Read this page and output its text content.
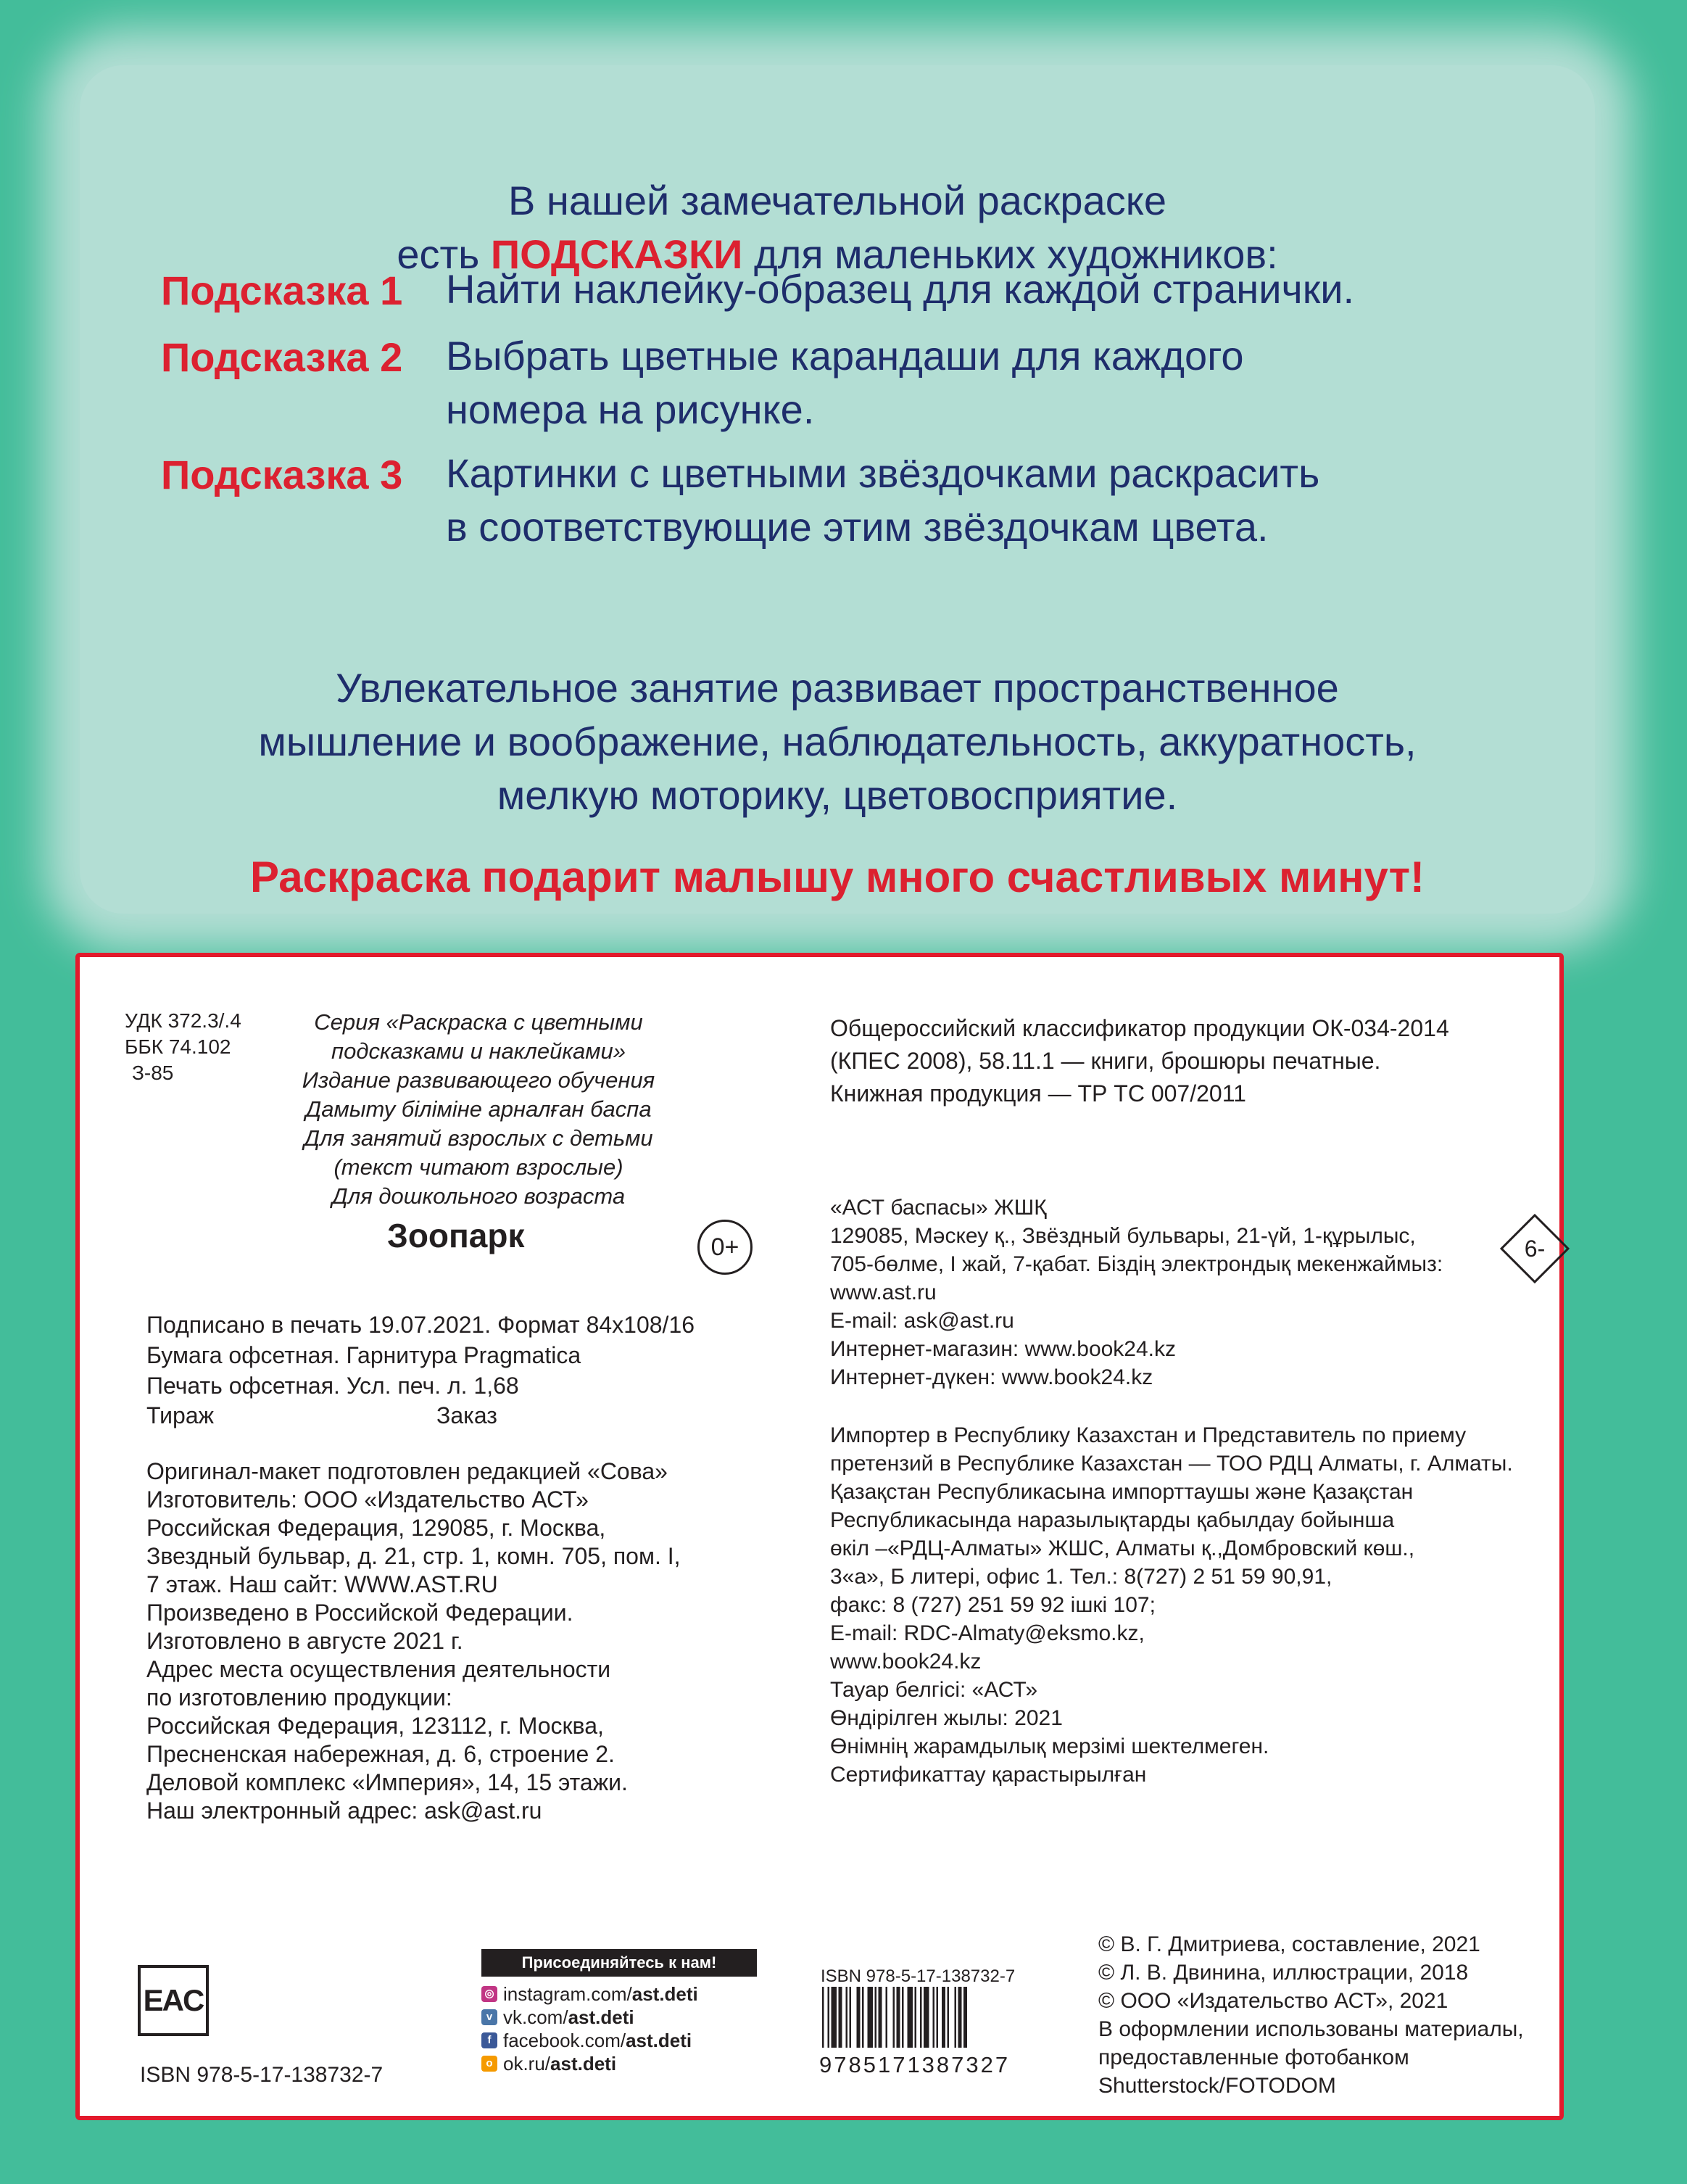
В нашей замечательной раскраске
есть ПОДСКАЗКИ для маленьких художников:
Подсказка 1 Найти наклейку-образец для каждой странички.
Подсказка 2 Выбрать цветные карандаши для каждого
номера на рисунке.
Подсказка 3 Картинки с цветными звёздочками раскрасить
в соответствующие этим звёздочкам цвета.
Увлекательное занятие развивает пространственное
мышление и воображение, наблюдательность, аккуратность,
мелкую моторику, цветовосприятие.
Раскраска подарит малышу много счастливых минут!
УДК 372.3/.4
ББК 74.102
З-85
Серия «Раскраска с цветными
подсказками и наклейками»
Издание развивающего обучения
Дамыту біліміне арналған баспа
Для занятий взрослых с детьми
(текст читают взрослые)
Для дошкольного возраста
Зоопарк	0+
Подписано в печать 19.07.2021. Формат 84х108/16
Бумага офсетная. Гарнитура Pragmatica
Печать офсетная. Усл. печ. л. 1,68
Тираж	Заказ
Оригинал-макет подготовлен редакцией «Сова»
Изготовитель: ООО «Издательство АСТ»
Российская Федерация, 129085, г. Москва,
Звездный бульвар, д. 21, стр. 1, комн. 705, пом. I,
7 этаж. Наш сайт: WWW.AST.RU
Произведено в Российской Федерации.
Изготовлено в августе 2021 г.
Адрес места осуществления деятельности
по изготовлению продукции:
Российская Федерация, 123112, г. Москва,
Пресненская набережная, д. 6, строение 2.
Деловой комплекс «Империя», 14, 15 этажи.
Наш электронный адрес: ask@ast.ru
Общероссийский классификатор продукции ОК-034-2014
(КПЕС 2008), 58.11.1 — книги, брошюры печатные.
Книжная продукция — ТР ТС 007/2011
«АСТ баспасы» ЖШҚ
129085, Мәскеу қ., Звёздный бульвары, 21-үй, 1-құрылыс,
705-бөлме, I жай, 7-қабат. Біздің электрондық мекенжаймыз:
www.ast.ru
E-mail: ask@ast.ru
Интернет-магазин: www.book24.kz
Интернет-дүкен: www.book24.kz
6-
Импортер в Республику Казахстан и Представитель по приему
претензий в Республике Казахстан — ТОО РДЦ Алматы, г. Алматы.
Қазақстан Республикасына импорттаушы және Қазақстан
Республикасында наразылықтарды қабылдау бойынша
өкіл –«РДЦ-Алматы» ЖШС, Алматы қ.,Домбровский көш.,
3«а», Б литері, офис 1. Тел.: 8(727) 2 51 59 90,91,
факс: 8 (727) 251 59 92 ішкі 107;
E-mail: RDC-Almaty@eksmo.kz,
www.book24.kz
Тауар белгісі: «АСТ»
Өндірілген жылы: 2021
Өнімнің жарамдылық мерзімі шектелмеген.
Сертификаттау қарастырылған
© В. Г. Дмитриева, составление, 2021
© Л. В. Двинина, иллюстрации, 2018
© ООО «Издательство АСТ», 2021
В оформлении использованы материалы,
предоставленные фотобанком
Shutterstock/FOTODOM
EAC
ISBN 978-5-17-138732-7
Присоединяйтесь к нам!
◎ instagram.com/ ast.deti
v vk.com/ ast.deti
f facebook.com/ ast.deti
o ok.ru/ ast.deti
ISBN 978-5-17-138732-7
9785171387327
